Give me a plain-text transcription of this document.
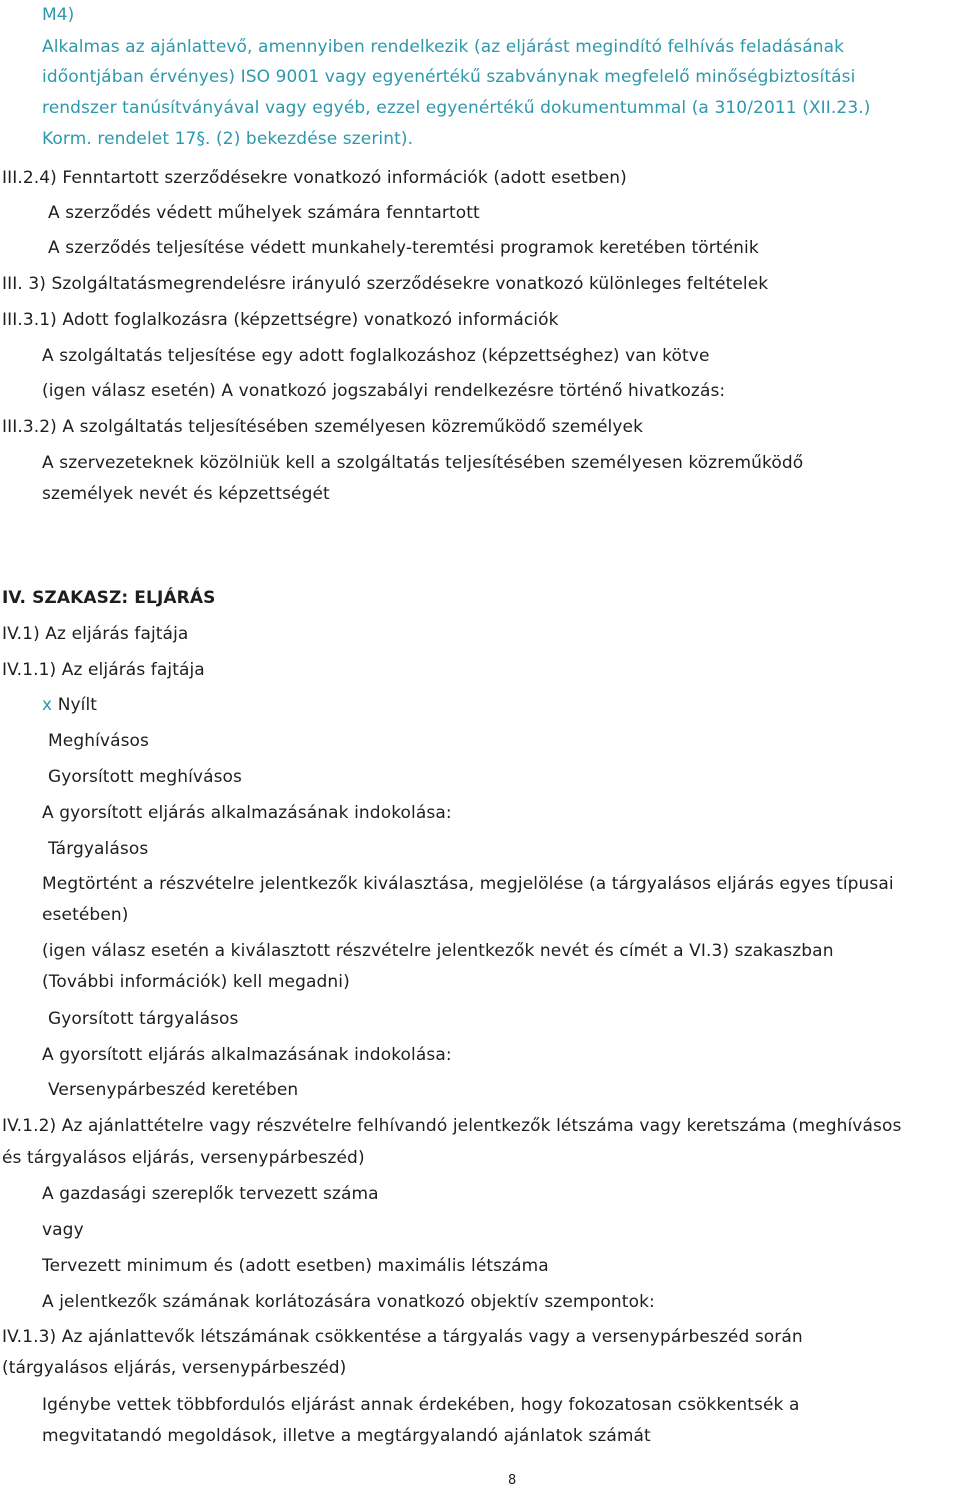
M4)
Alkalmas az ajánlattevő, amennyiben rendelkezik (az eljárást megindító felhívás feladásának
időontjában érvényes) ISO 9001 vagy egyenértékű szabványnak megfelelő minőségbiztosítási
rendszer tanúsítványával vagy egyéb, ezzel egyenértékű dokumentummal (a 310/2011 (XII.23.)
Korm. rendelet 17§. (2) bekezdése szerint).
III.2.4) Fenntartott szerződésekre vonatkozó információk (adott esetben)
A szerződés védett műhelyek számára fenntartott
A szerződés teljesítése védett munkahely-teremtési programok keretében történik
III. 3) Szolgáltatásmegrendelésre irányuló szerződésekre vonatkozó különleges feltételek
III.3.1) Adott foglalkozásra (képzettségre) vonatkozó információk
A szolgáltatás teljesítése egy adott foglalkozáshoz (képzettséghez) van kötve
(igen válasz esetén) A vonatkozó jogszabályi rendelkezésre történő hivatkozás:
III.3.2) A szolgáltatás teljesítésében személyesen közreműködő személyek
A szervezeteknek közölniük kell a szolgáltatás teljesítésében személyesen közreműködő
személyek nevét és képzettségét
IV. SZAKASZ: ELJÁRÁS
IV.1) Az eljárás fajtája
IV.1.1) Az eljárás fajtája
x Nyílt
Meghívásos
Gyorsított meghívásos
A gyorsított eljárás alkalmazásának indokolása:
Tárgyalásos
Megtörtént a részvételre jelentkezők kiválasztása, megjelölése (a tárgyalásos eljárás egyes típusai
esetében)
(igen válasz esetén a kiválasztott részvételre jelentkezők nevét és címét a VI.3) szakaszban
(További információk) kell megadni)
Gyorsított tárgyalásos
A gyorsított eljárás alkalmazásának indokolása:
Versenypárbeszéd keretében
IV.1.2) Az ajánlattételre vagy részvételre felhívandó jelentkezők létszáma vagy keretszáma (meghívásos
és tárgyalásos eljárás, versenypárbeszéd)
A gazdasági szereplők tervezett száma
vagy
Tervezett minimum és (adott esetben) maximális létszáma
A jelentkezők számának korlátozására vonatkozó objektív szempontok:
IV.1.3) Az ajánlattevők létszámának csökkentése a tárgyalás vagy a versenypárbeszéd során
(tárgyalásos eljárás, versenypárbeszéd)
Igénybe vettek többfordulós eljárást annak érdekében, hogy fokozatosan csökkentsék a
megvitatandó megoldások, illetve a megtárgyalandó ajánlatok számát
8
